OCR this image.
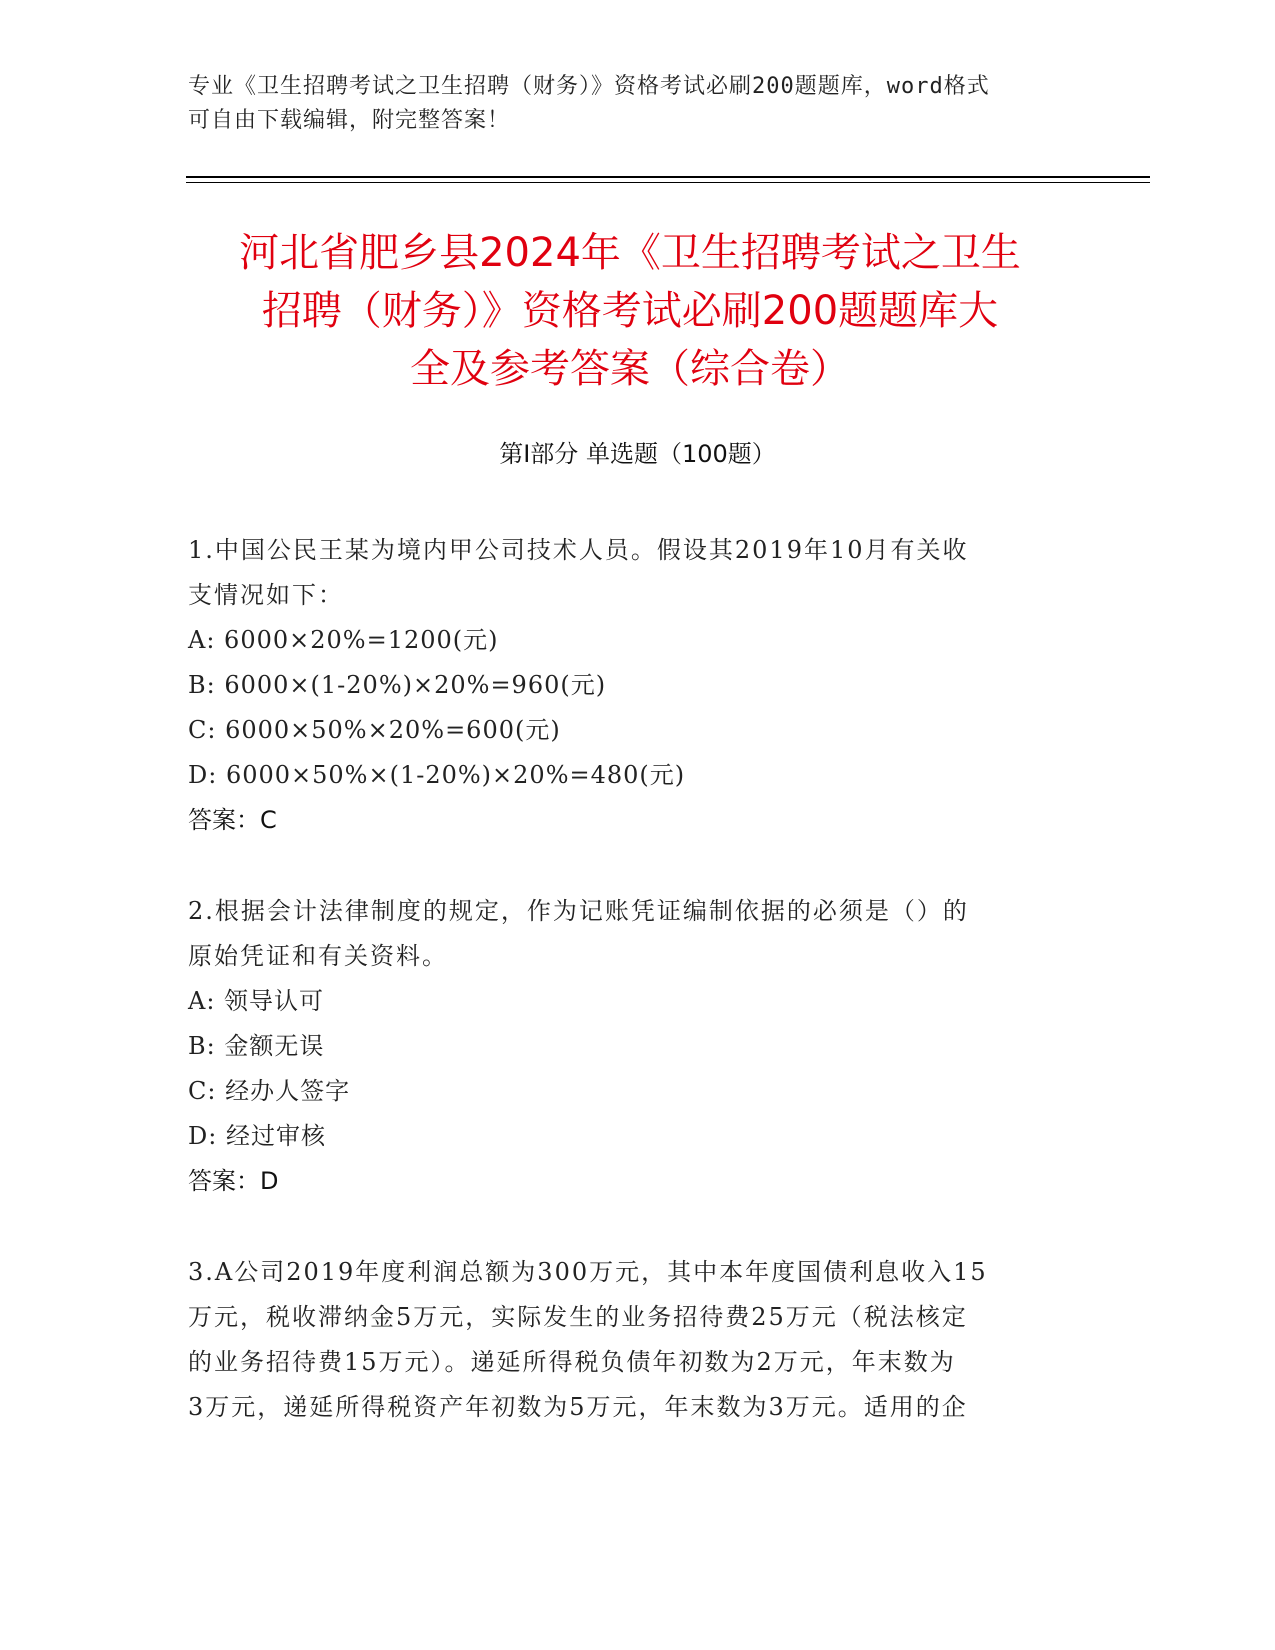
专业《卫生招聘考试之卫生招聘（财务）》资格考试必刷200题题库，word格式
可自由下载编辑，附完整答案！
河北省肥乡县2024年《卫生招聘考试之卫生
招聘（财务）》资格考试必刷200题题库大
全及参考答案（综合卷）
第Ⅰ部分 单选题（100题）
1.中国公民王某为境内甲公司技术人员。假设其2019年10月有关收
支情况如下：
A: 6000×20%=1200(元)
B: 6000×(1-20%)×20%=960(元)
C: 6000×50%×20%=600(元)
D: 6000×50%×(1-20%)×20%=480(元)
答案：C
2.根据会计法律制度的规定，作为记账凭证编制依据的必须是（）的
原始凭证和有关资料。
A: 领导认可
B: 金额无误
C: 经办人签字
D: 经过审核
答案：D
3.A公司2019年度利润总额为300万元，其中本年度国债利息收入15
万元，税收滞纳金5万元，实际发生的业务招待费25万元（税法核定
的业务招待费15万元）。递延所得税负债年初数为2万元，年末数为
3万元，递延所得税资产年初数为5万元，年末数为3万元。适用的企
